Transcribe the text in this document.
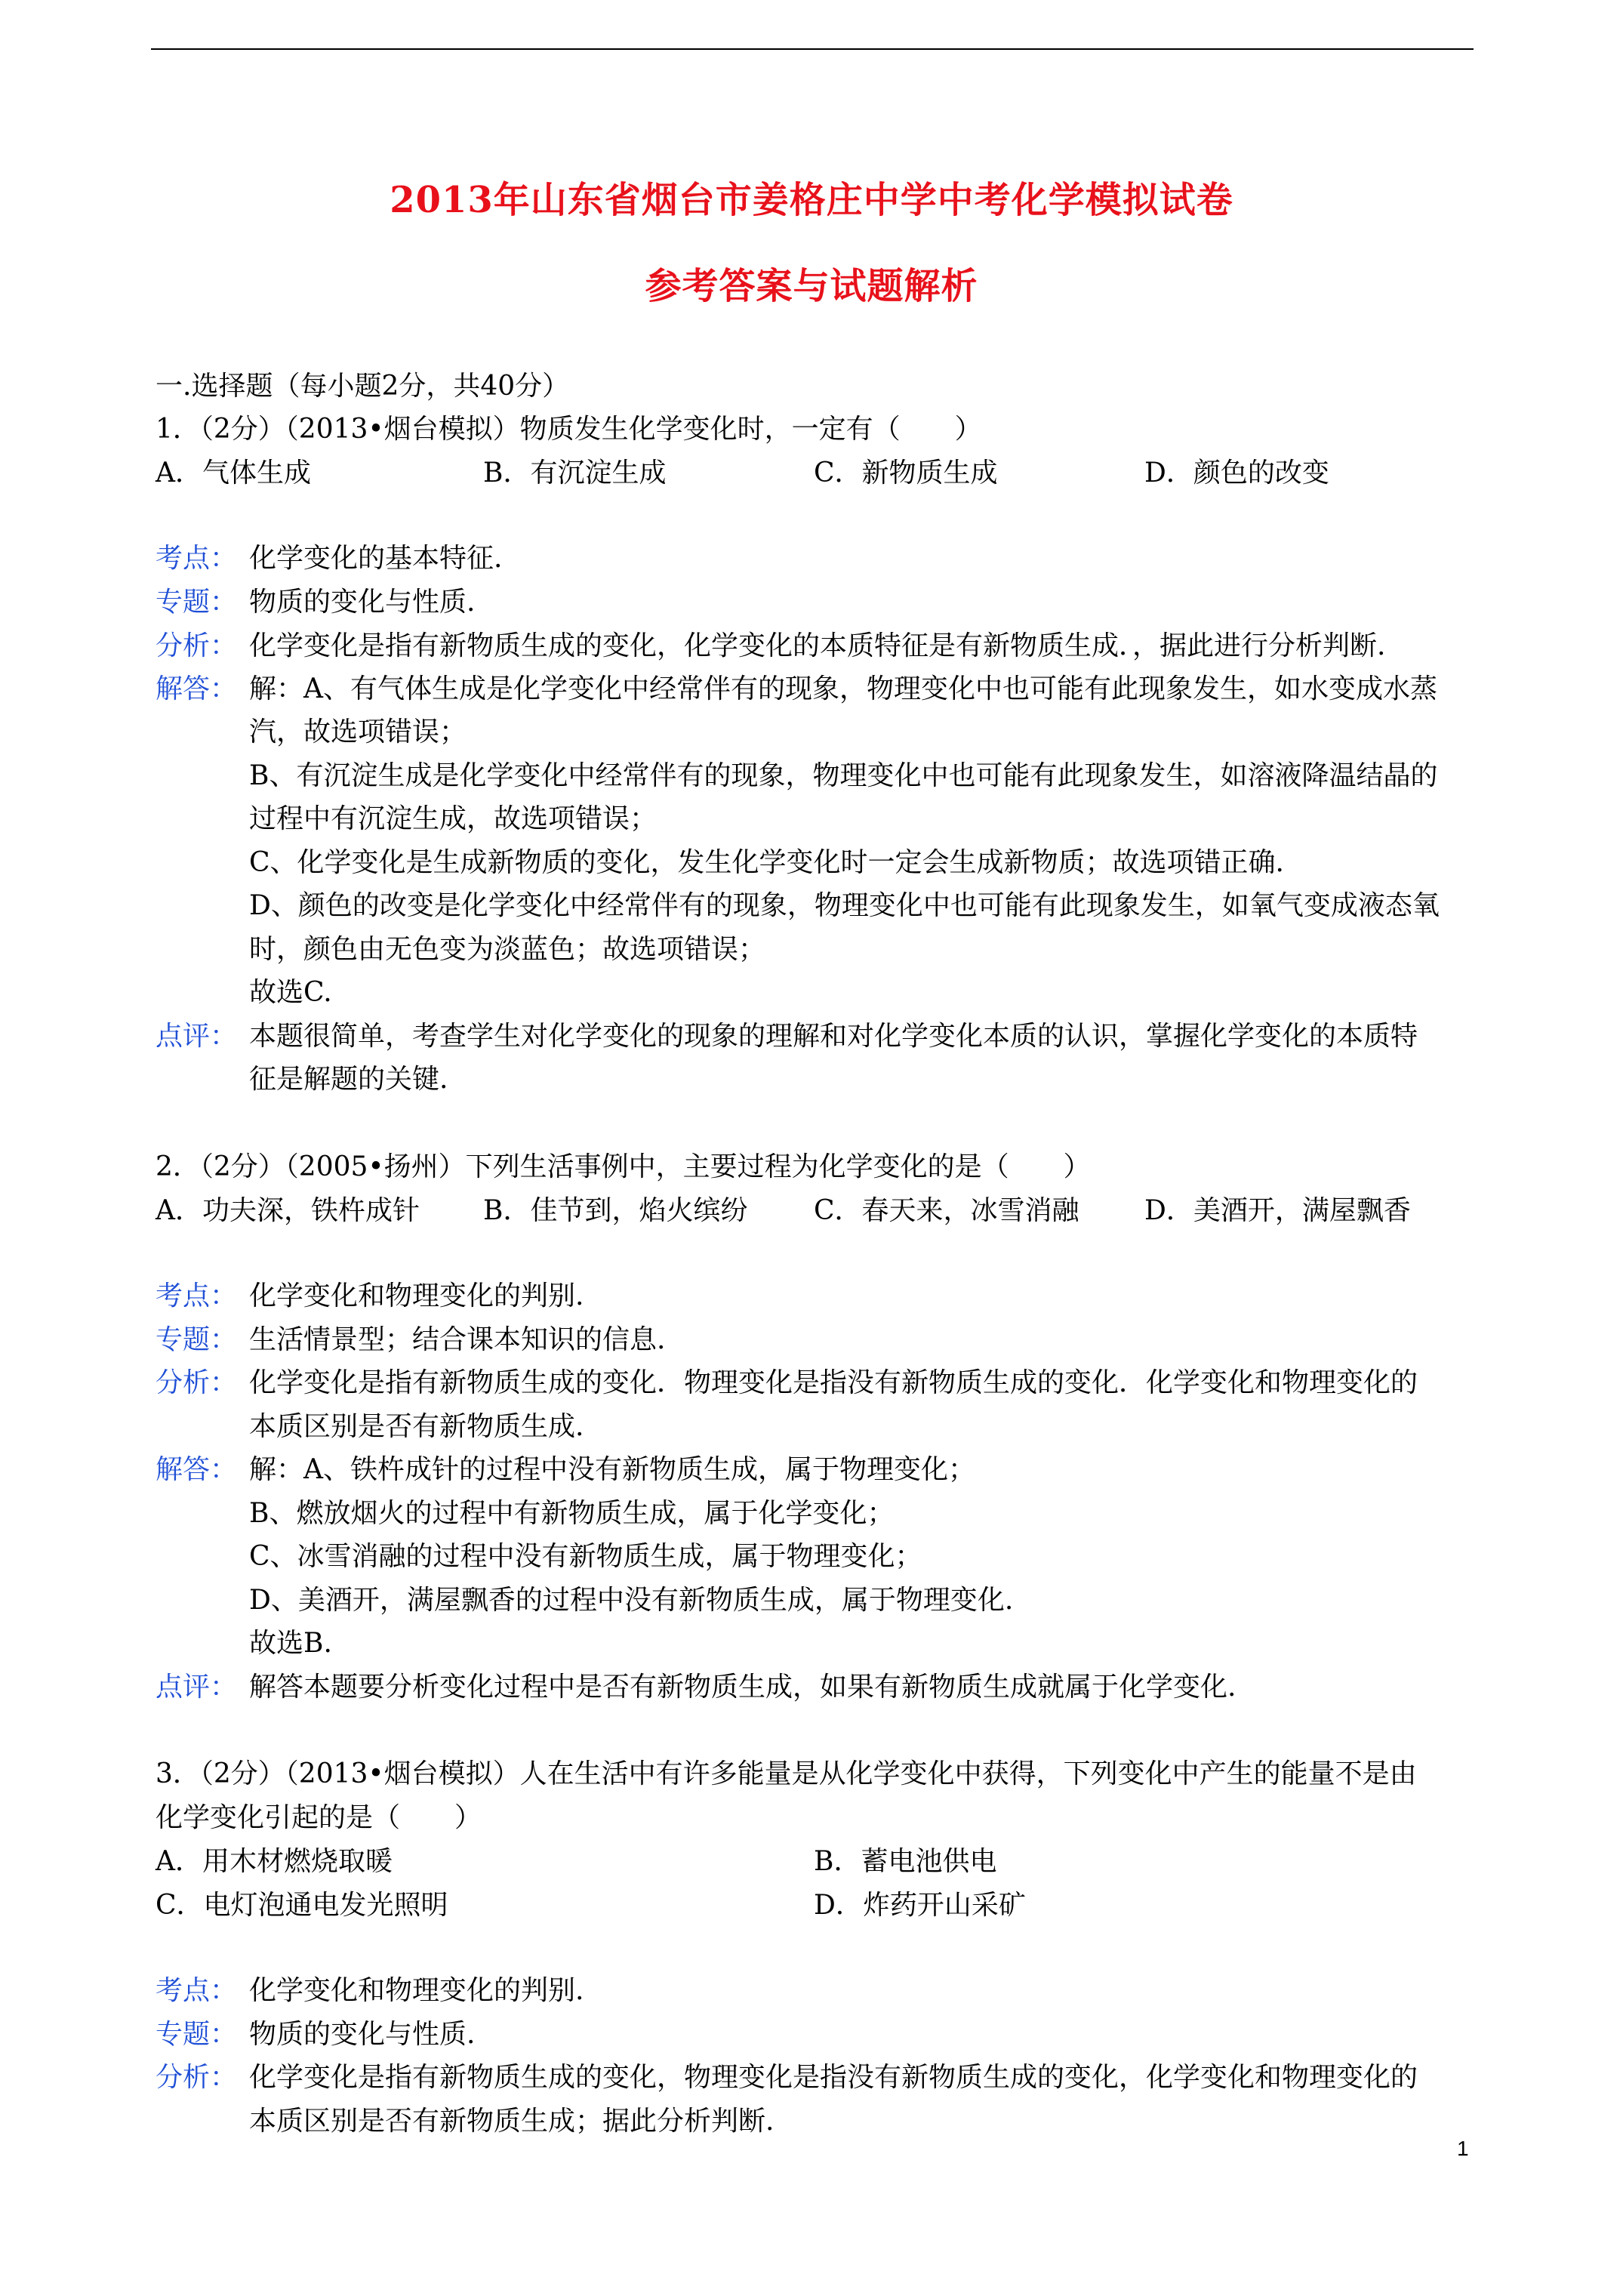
2013年山东省烟台市姜格庄中学中考化学模拟试卷
参考答案与试题解析
一.选择题（每小题2分，共40分）
1．（2分）（2013•烟台模拟）物质发生化学变化时，一定有（　　）
A．气体生成	B．有沉淀生成	C．新物质生成	D．颜色的改变
考点： 化学变化的基本特征.
专题： 物质的变化与性质.
分析： 化学变化是指有新物质生成的变化，化学变化的本质特征是有新物质生成．，据此进行分析判断.
解答： 解：A、有气体生成是化学变化中经常伴有的现象，物理变化中也可能有此现象发生，如水变成水蒸
汽，故选项错误；
B、有沉淀生成是化学变化中经常伴有的现象，物理变化中也可能有此现象发生，如溶液降温结晶的
过程中有沉淀生成，故选项错误；
C、化学变化是生成新物质的变化，发生化学变化时一定会生成新物质；故选项错正确.
D、颜色的改变是化学变化中经常伴有的现象，物理变化中也可能有此现象发生，如氧气变成液态氧
时，颜色由无色变为淡蓝色；故选项错误；
故选C.
点评： 本题很简单，考查学生对化学变化的现象的理解和对化学变化本质的认识，掌握化学变化的本质特
征是解题的关键.
2．（2分）（2005•扬州）下列生活事例中，主要过程为化学变化的是（　　）
A．功夫深，铁杵成针 B．佳节到，焰火缤纷 C．春天来，冰雪消融 D．美酒开，满屋飘香
考点： 化学变化和物理变化的判别.
专题： 生活情景型；结合课本知识的信息.
分析： 化学变化是指有新物质生成的变化．物理变化是指没有新物质生成的变化．化学变化和物理变化的
本质区别是否有新物质生成.
解答： 解：A、铁杵成针的过程中没有新物质生成，属于物理变化；
B、燃放烟火的过程中有新物质生成，属于化学变化；
C、冰雪消融的过程中没有新物质生成，属于物理变化；
D、美酒开，满屋飘香的过程中没有新物质生成，属于物理变化.
故选B.
点评： 解答本题要分析变化过程中是否有新物质生成，如果有新物质生成就属于化学变化.
3．（2分）（2013•烟台模拟）人在生活中有许多能量是从化学变化中获得，下列变化中产生的能量不是由
化学变化引起的是（　　）
A．用木材燃烧取暖	B．蓄电池供电
C．电灯泡通电发光照明	D．炸药开山采矿
考点： 化学变化和物理变化的判别.
专题： 物质的变化与性质.
分析： 化学变化是指有新物质生成的变化，物理变化是指没有新物质生成的变化，化学变化和物理变化的
本质区别是否有新物质生成；据此分析判断.
1
